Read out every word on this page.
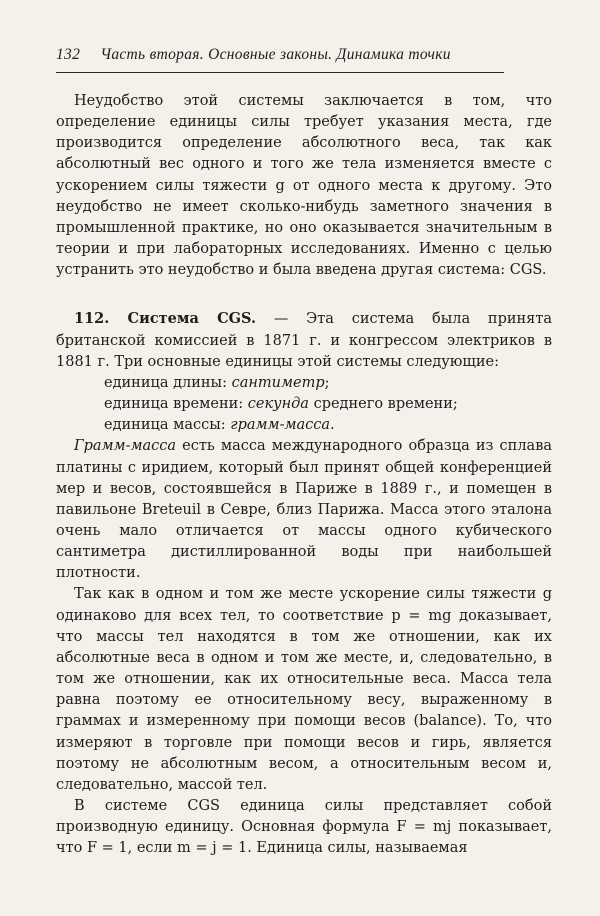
132 Часть вторая. Основные законы. Динамика точки

Неудобство этой системы заключается в том, что определение единицы силы требует указания места, где производится определение абсолютного веса, так как абсолютный вес одного и того же тела изменяется вместе с ускорением силы тяжести g от одного места к другому. Это неудобство не имеет сколько-нибудь заметного значения в промышленной практике, но оно оказывается значительным в теории и при лабораторных исследованиях. Именно с целью устранить это неудобство и была введена другая система: CGS.

112. Система CGS. — Эта система была принята британской комиссией в 1871 г. и конгрессом электриков в 1881 г. Три основные единицы этой системы следующие:

единица длины: сантиметр;
единица времени: секунда среднего времени;
единица массы: грамм-масса.

Грамм-масса есть масса международного образца из сплава платины с иридием, который был принят общей конференцией мер и весов, состоявшейся в Париже в 1889 г., и помещен в павильоне Breteuil в Севре, близ Парижа. Масса этого эталона очень мало отличается от массы одного кубического сантиметра дистиллированной воды при наибольшей плотности.

Так как в одном и том же месте ускорение силы тяжести g одинаково для всех тел, то соответствие p = mg доказывает, что массы тел находятся в том же отношении, как их абсолютные веса в одном и том же месте, и, следовательно, в том же отношении, как их относительные веса. Масса тела равна поэтому ее относительному весу, выраженному в граммах и измеренному при помощи весов (balance). То, что измеряют в торговле при помощи весов и гирь, является поэтому не абсолютным весом, а относительным весом и, следовательно, массой тел.

В системе CGS единица силы представляет собой производную единицу. Основная формула F = mj показывает, что F = 1, если m = j = 1. Единица силы, называемая
